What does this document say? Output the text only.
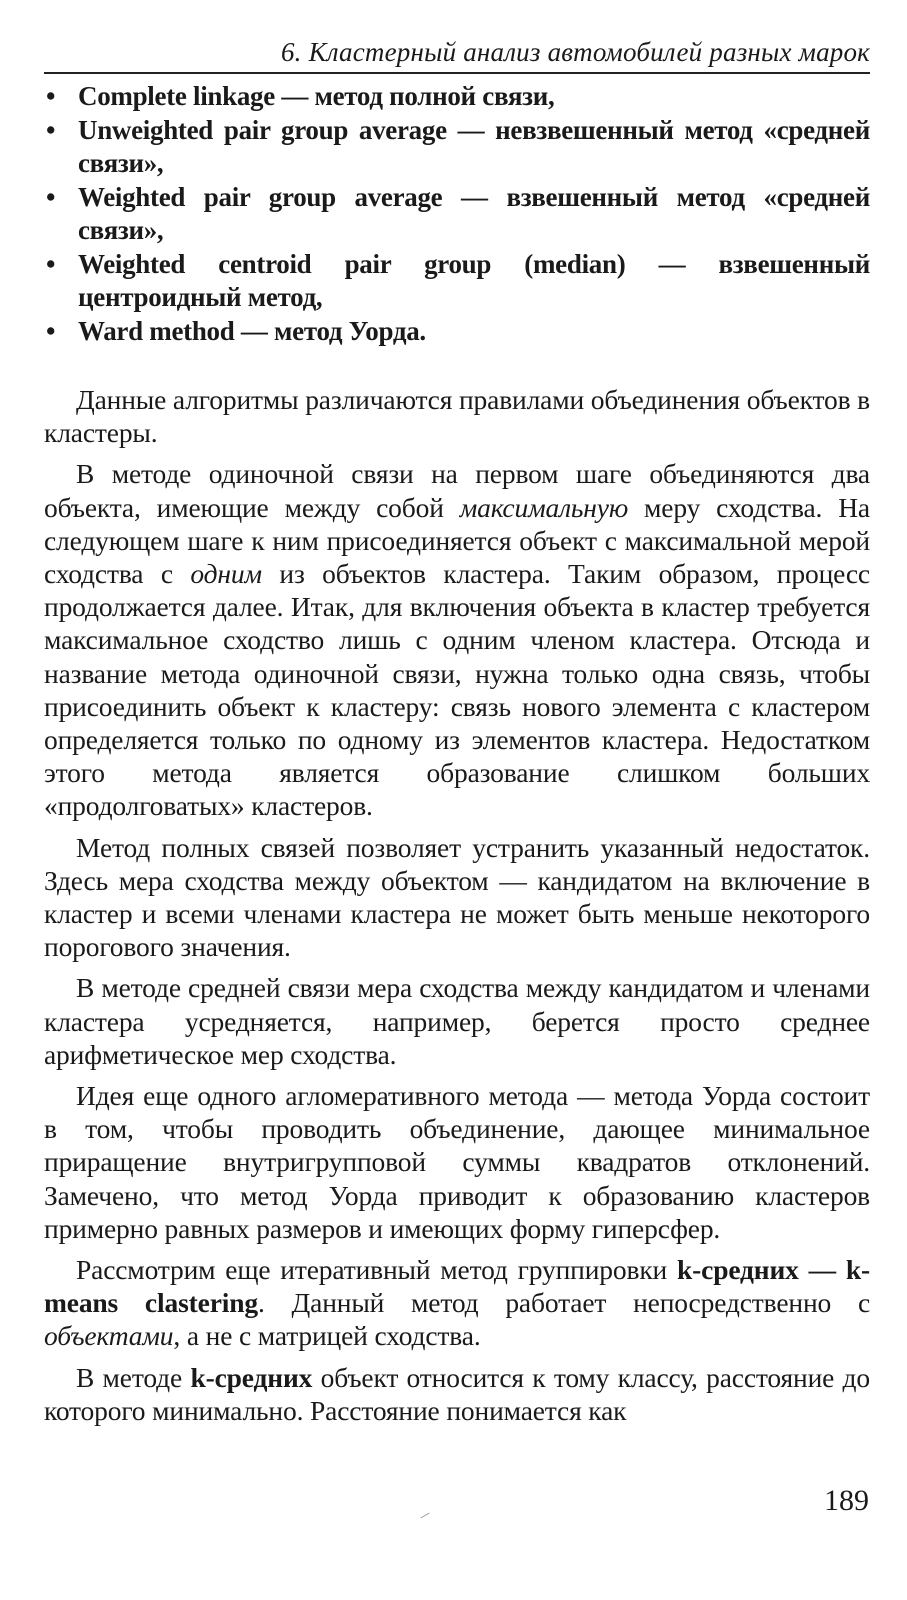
6. Кластерный анализ автомобилей разных марок
• Complete linkage — метод полной связи,
• Unweighted pair group average — невзвешенный метод «средней связи»,
• Weighted pair group average — взвешенный метод «средней связи»,
• Weighted centroid pair group (median) — взвешенный центроидный метод,
• Ward method — метод Уорда.

Данные алгоритмы различаются правилами объединения объектов в кластеры.

В методе одиночной связи на первом шаге объединяются два объекта, имеющие между собой максимальную меру сходства. На следующем шаге к ним присоединяется объект с максимальной мерой сходства с одним из объектов кластера. Таким образом, процесс продолжается далее. Итак, для включения объекта в кластер требуется максимальное сходство лишь с одним членом кластера. Отсюда и название метода одиночной связи, нужна только одна связь, чтобы присоединить объект к кластеру: связь нового элемента с кластером определяется только по одному из элементов кластера. Недостатком этого метода является образование слишком больших «продолговатых» кластеров.

Метод полных связей позволяет устранить указанный недостаток. Здесь мера сходства между объектом — кандидатом на включение в кластер и всеми членами кластера не может быть меньше некоторого порогового значения.

В методе средней связи мера сходства между кандидатом и членами кластера усредняется, например, берется просто среднее арифметическое мер сходства.

Идея еще одного агломеративного метода — метода Уорда состоит в том, чтобы проводить объединение, дающее минимальное приращение внутригрупповой суммы квадратов отклонений. Замечено, что метод Уорда приводит к образованию кластеров примерно равных размеров и имеющих форму гиперсфер.

Рассмотрим еще итеративный метод группировки k-средних — k-means clastering. Данный метод работает непосредственно с объектами, а не с матрицей сходства.

В методе k-средних объект относится к тому классу, расстояние до которого минимально. Расстояние понимается как

189
